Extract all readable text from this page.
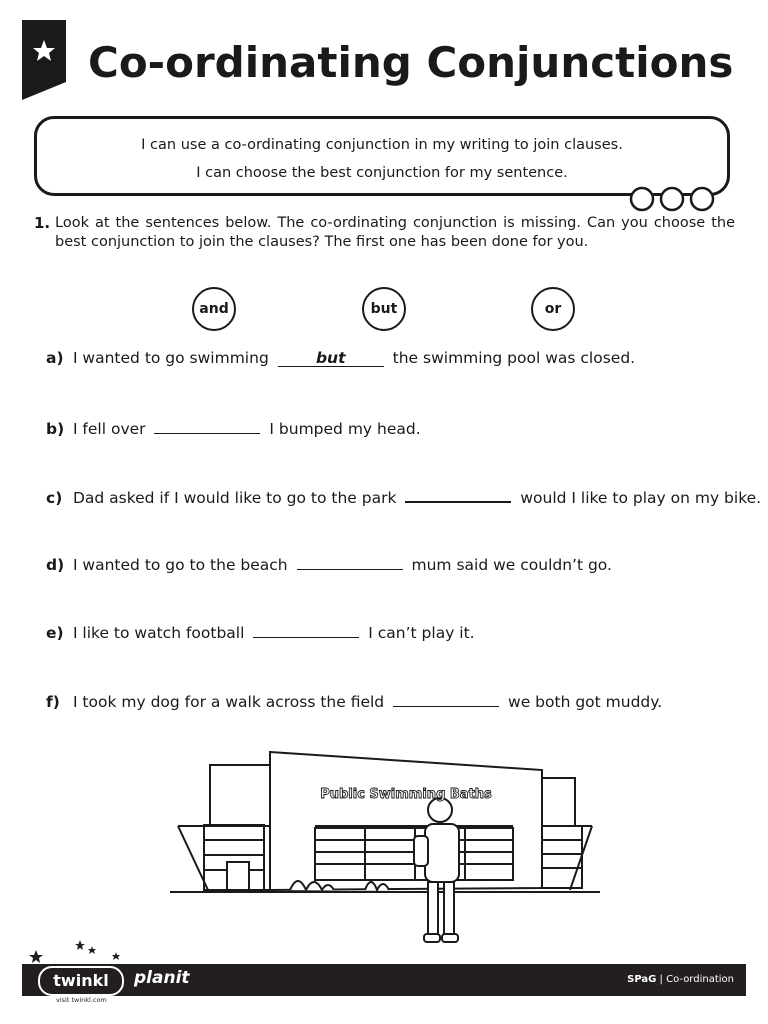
Co-ordinating Conjunctions
I can use a co-ordinating conjunction in my writing to join clauses.
I can choose the best conjunction for my sentence.
1. Look at the sentences below. The co-ordinating conjunction is missing. Can you choose the best conjunction to join the clauses? The first one has been done for you.
and	but	or
a) I wanted to go swimming	but	the swimming pool was closed.
b) I fell over	I bumped my head.
c) Dad asked if I would like to go to the park	would I like to play on my bike.
d) I wanted to go to the beach	mum said we couldn’t go.
e) I like to watch football	I can’t play it.
f) I took my dog for a walk across the field	we both got muddy.
Public Swimming Baths
twinkl
visit twinkl.com
planit	SPaG | Co-ordination
